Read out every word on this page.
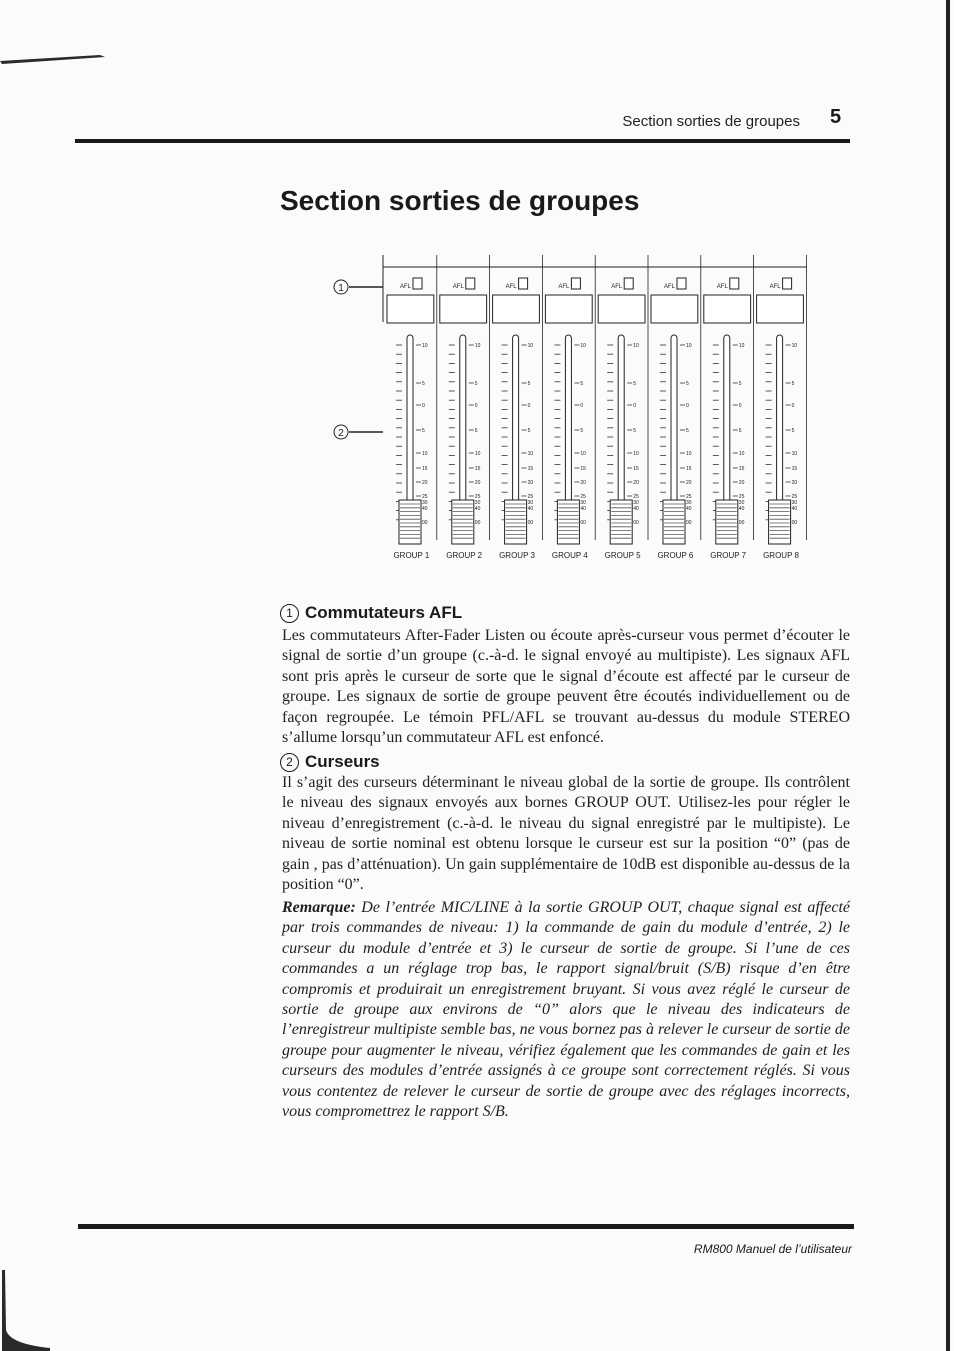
Section sorties de groupes 5
Section sorties de groupes
1
2
AFL
10
5
0
5
10
15
20
25
30
40
00
GROUP 1
AFL
10
5
0
5
10
15
20
25
30
40
00
GROUP 2
AFL
10
5
0
5
10
15
20
25
30
40
00
GROUP 3
AFL
10
5
0
5
10
15
20
25
30
40
00
GROUP 4
AFL
10
5
0
5
10
15
20
25
30
40
00
GROUP 5
AFL
10
5
0
5
10
15
20
25
30
40
00
GROUP 6
AFL
10
5
0
5
10
15
20
25
30
40
00
GROUP 7
AFL
10
5
0
5
10
15
20
25
30
40
00
GROUP 8
1 Commutateurs AFL

Les commutateurs After-Fader Listen ou écoute après-curseur vous permet d’écouter le signal de sortie d’un groupe (c.-à-d. le signal envoyé au multipiste). Les signaux AFL sont pris après le curseur de sorte que le signal d’écoute est affecté par le curseur de groupe. Les signaux de sortie de groupe peuvent être écoutés individuellement ou de façon regroupée. Le témoin PFL/AFL se trouvant au-dessus du module STEREO s’allume lorsqu’un commutateur AFL est enfoncé.

2 Curseurs

Il s’agit des curseurs déterminant le niveau global de la sortie de groupe. Ils contrôlent le niveau des signaux envoyés aux bornes GROUP OUT. Utilisez-les pour régler le niveau d’enregistrement (c.-à-d. le niveau du signal enregistré par le multipiste). Le niveau de sortie nominal est obtenu lorsque le curseur est sur la position “0” (pas de gain , pas d’atténuation). Un gain supplémentaire de 10dB est disponible au-dessus de la position “0”.

Remarque: De l’entrée MIC/LINE à la sortie GROUP OUT, chaque signal est affecté par trois commandes de niveau: 1) la commande de gain du module d’entrée, 2) le curseur du module d’entrée et 3) le curseur de sortie de groupe. Si l’une de ces commandes a un réglage trop bas, le rapport signal/bruit (S/B) risque d’en être compromis et produirait un enregistrement bruyant. Si vous avez réglé le curseur de sortie de groupe aux environs de “0” alors que le niveau des indicateurs de l’enregistreur multipiste semble bas, ne vous bornez pas à relever le curseur de sortie de groupe pour augmenter le niveau, vérifiez également que les commandes de gain et les curseurs des modules d’entrée assignés à ce groupe sont correctement réglés. Si vous vous contentez de relever le curseur de sortie de groupe avec des réglages incorrects, vous compromettrez le rapport S/B.

RM800 Manuel de l’utilisateur
